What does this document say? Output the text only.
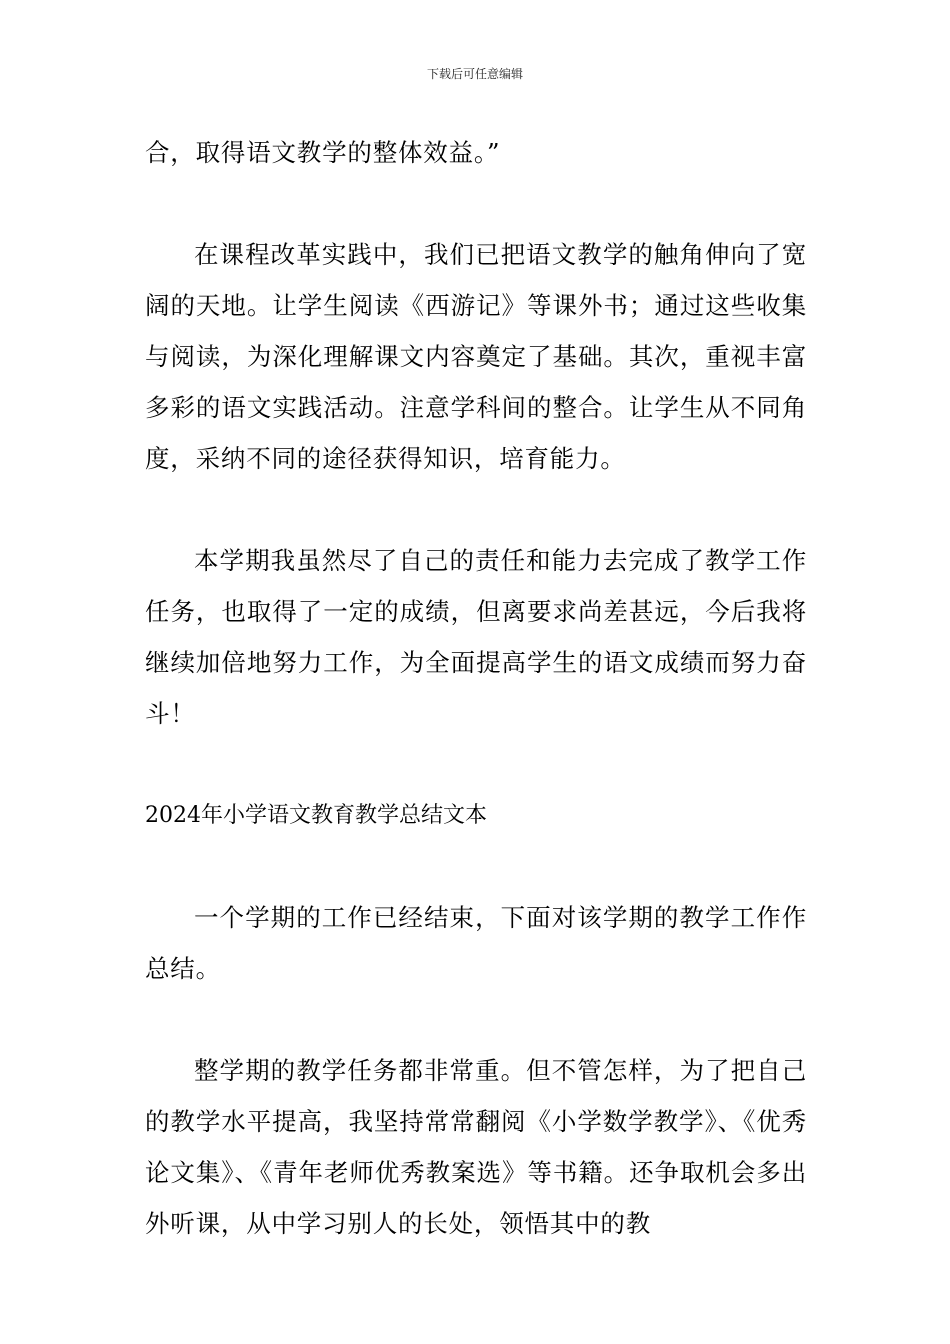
下载后可任意编辑

合，取得语文教学的整体效益。”

在课程改革实践中，我们已把语文教学的触角伸向了宽阔的天地。让学生阅读《西游记》等课外书；通过这些收集与阅读，为深化理解课文内容奠定了基础。其次，重视丰富多彩的语文实践活动。注意学科间的整合。让学生从不同角度，采纳不同的途径获得知识，培育能力。

本学期我虽然尽了自己的责任和能力去完成了教学工作任务，也取得了一定的成绩，但离要求尚差甚远，今后我将继续加倍地努力工作，为全面提高学生的语文成绩而努力奋斗！

2024年小学语文教育教学总结文本

一个学期的工作已经结束，下面对该学期的教学工作作总结。

整学期的教学任务都非常重。但不管怎样，为了把自己的教学水平提高，我坚持常常翻阅《小学数学教学》、《优秀论文集》、《青年老师优秀教案选》等书籍。还争取机会多出外听课，从中学习别人的长处，领悟其中的教
